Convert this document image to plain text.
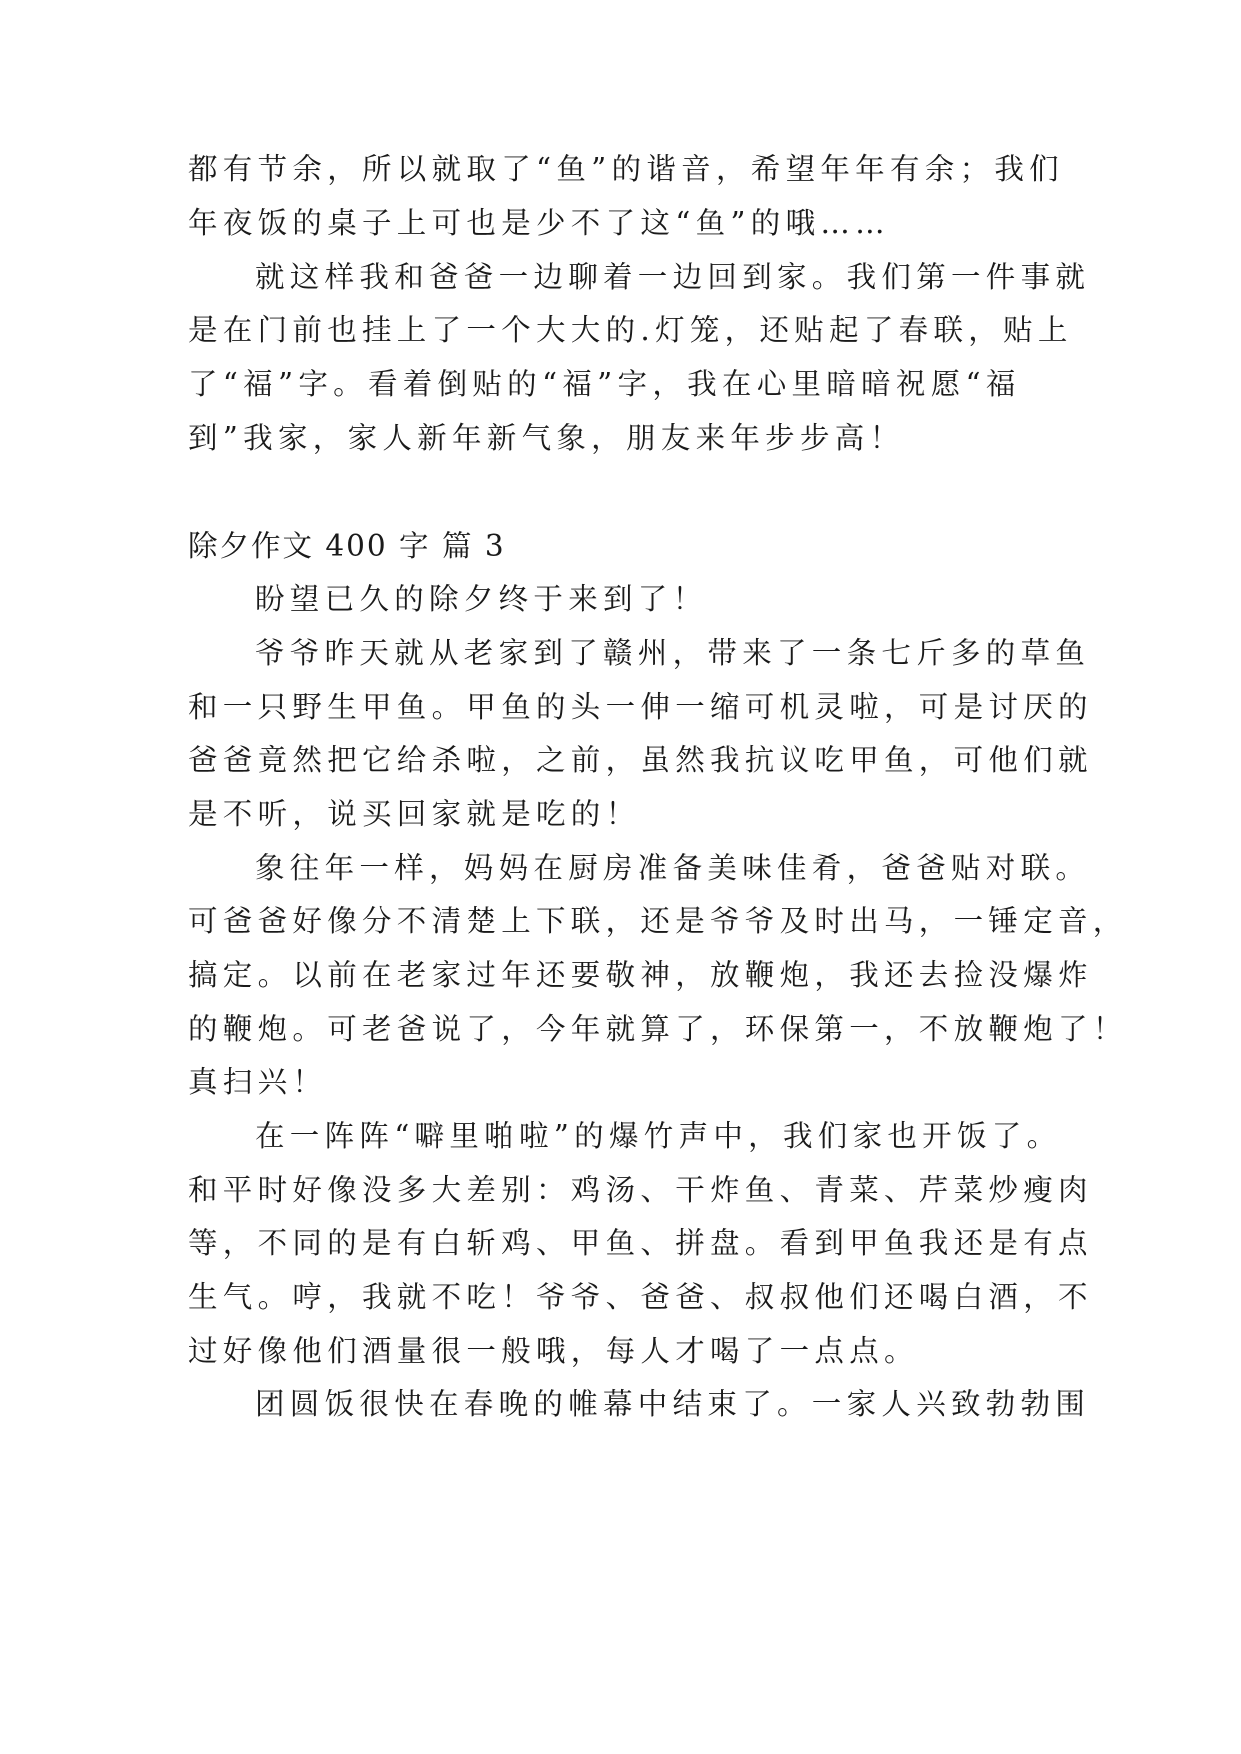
都有节余，所以就取了“鱼”的谐音，希望年年有余；我们
年夜饭的桌子上可也是少不了这“鱼”的哦……
就这样我和爸爸一边聊着一边回到家。我们第一件事就
是在门前也挂上了一个大大的.灯笼，还贴起了春联，贴上
了“福”字。看着倒贴的“福”字，我在心里暗暗祝愿“福
到”我家，家人新年新气象，朋友来年步步高！
除夕作文 400 字 篇 3
盼望已久的除夕终于来到了！
爷爷昨天就从老家到了赣州，带来了一条七斤多的草鱼
和一只野生甲鱼。甲鱼的头一伸一缩可机灵啦，可是讨厌的
爸爸竟然把它给杀啦，之前，虽然我抗议吃甲鱼，可他们就
是不听，说买回家就是吃的！
象往年一样，妈妈在厨房准备美味佳肴，爸爸贴对联。
可爸爸好像分不清楚上下联，还是爷爷及时出马，一锤定音，
搞定。以前在老家过年还要敬神，放鞭炮，我还去捡没爆炸
的鞭炮。可老爸说了，今年就算了，环保第一，不放鞭炮了！
真扫兴！
在一阵阵“噼里啪啦”的爆竹声中，我们家也开饭了。
和平时好像没多大差别：鸡汤、干炸鱼、青菜、芹菜炒瘦肉
等，不同的是有白斩鸡、甲鱼、拼盘。看到甲鱼我还是有点
生气。哼，我就不吃！爷爷、爸爸、叔叔他们还喝白酒，不
过好像他们酒量很一般哦，每人才喝了一点点。
团圆饭很快在春晚的帷幕中结束了。一家人兴致勃勃围
